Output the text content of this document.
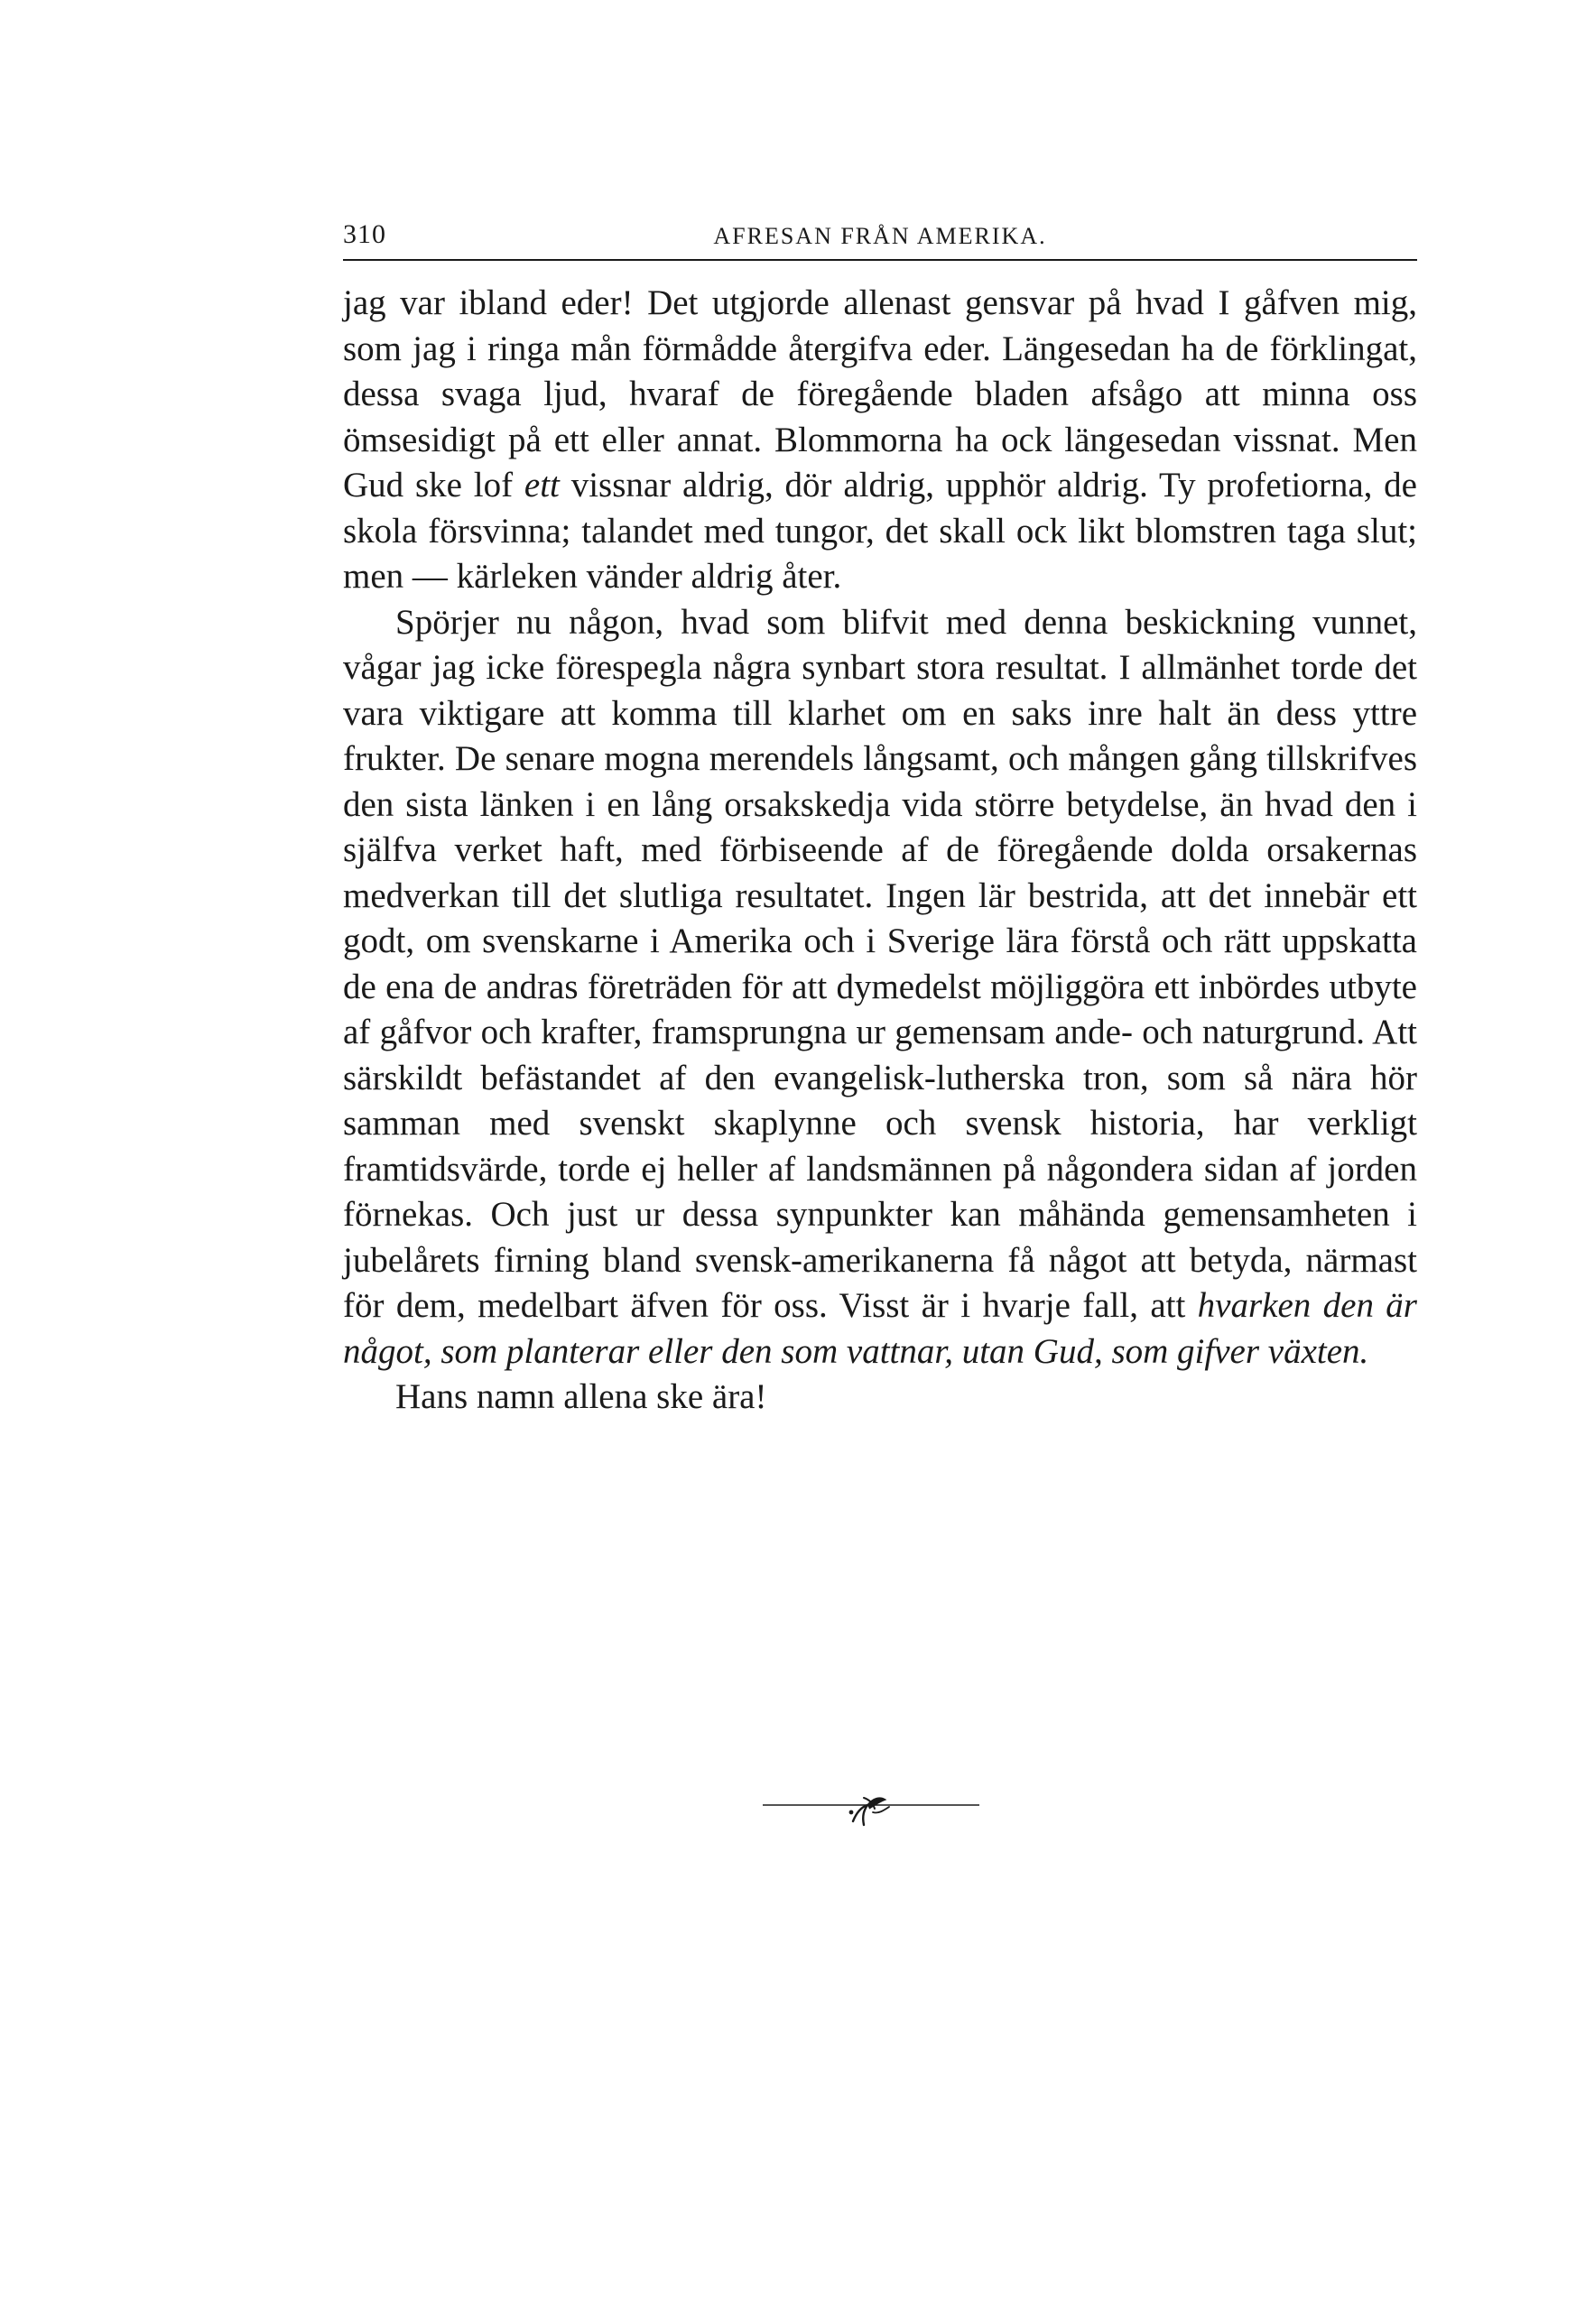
310	AFRESAN FRÅN AMERIKA.

jag var ibland eder! Det utgjorde allenast gensvar på hvad I gåfven mig, som jag i ringa mån förmådde återgifva eder. Längesedan ha de förklingat, dessa svaga ljud, hvaraf de föregående bladen afsågo att minna oss ömsesidigt på ett eller annat. Blommorna ha ock längesedan vissnat. Men Gud ske lof ett vissnar aldrig, dör aldrig, upphör aldrig. Ty profetiorna, de skola försvinna; talandet med tungor, det skall ock likt blomstren taga slut; men — kärleken vänder aldrig åter.

Spörjer nu någon, hvad som blifvit med denna beskickning vunnet, vågar jag icke förespegla några synbart stora resultat. I allmänhet torde det vara viktigare att komma till klarhet om en saks inre halt än dess yttre frukter. De senare mogna merendels långsamt, och mången gång tillskrifves den sista länken i en lång orsakskedja vida större betydelse, än hvad den i själfva verket haft, med förbiseende af de föregående dolda orsakernas medverkan till det slutliga resultatet. Ingen lär bestrida, att det innebär ett godt, om svenskarne i Amerika och i Sverige lära förstå och rätt uppskatta de ena de andras företräden för att dymedelst möjliggöra ett inbördes utbyte af gåfvor och krafter, framsprungna ur gemensam ande- och naturgrund. Att särskildt befästandet af den evangelisk-lutherska tron, som så nära hör samman med svenskt skaplynne och svensk historia, har verkligt framtidsvärde, torde ej heller af landsmännen på någondera sidan af jorden förnekas. Och just ur dessa synpunkter kan måhända gemensamheten i jubelårets firning bland svensk-amerikanerna få något att betyda, närmast för dem, medelbart äfven för oss. Visst är i hvarje fall, att hvarken den är något, som planterar eller den som vattnar, utan Gud, som gifver växten.

Hans namn allena ske ära!
